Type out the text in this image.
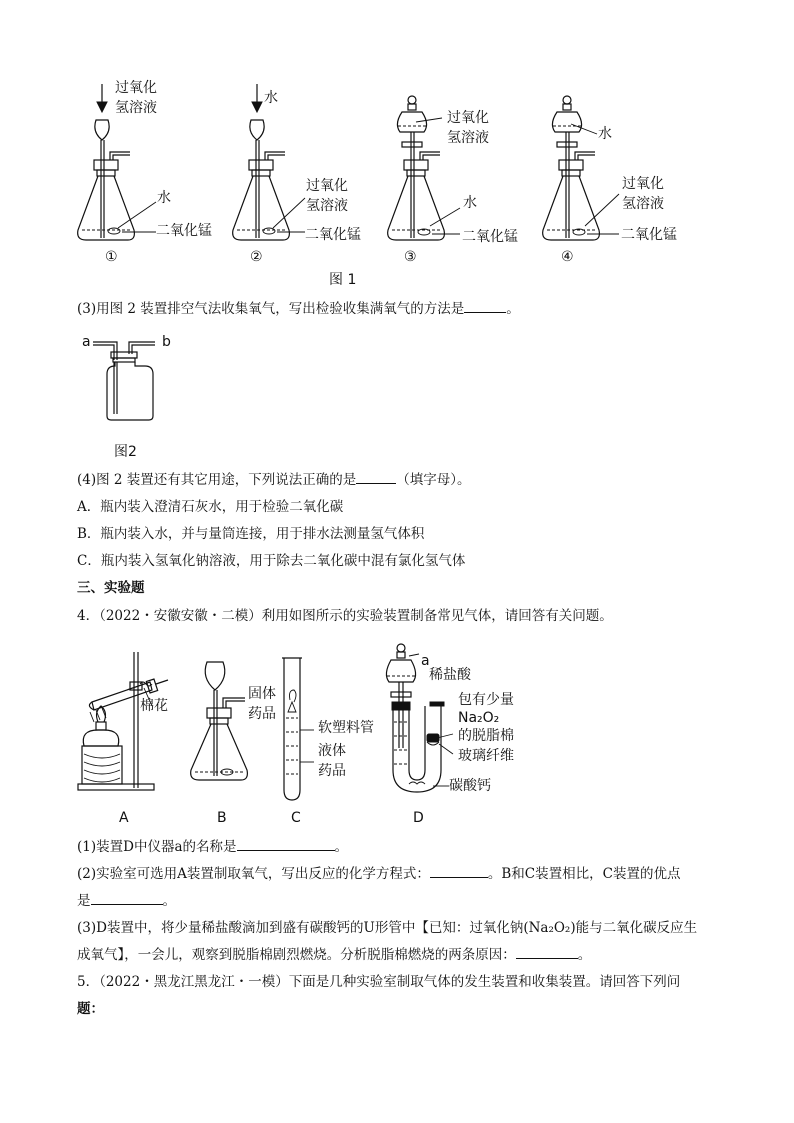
过氧化
氢溶液
水
二氧化锰
①
水
过氧化
氢溶液
二氧化锰
②
过氧化
氢溶液
水
二氧化锰
③
水
过氧化
氢溶液
二氧化锰
④
图 1
(3)用图 2 装置排空气法收集氧气，写出检验收集满氧气的方法是	。
a	b
图2
(4)图 2 装置还有其它用途，下列说法正确的是	（填字母）。
A．瓶内装入澄清石灰水，用于检验二氧化碳
B．瓶内装入水，并与量筒连接，用于排水法测量氢气体积
C．瓶内装入氢氧化钠溶液，用于除去二氧化碳中混有氯化氢气体
三、实验题
4．（2022・安徽安徽・二模）利用如图所示的实验装置制备常见气体，请回答有关问题。
棉花
A
固体
药品
B
软塑料管
液体
药品
C
a
稀盐酸
包有少量
Na₂O₂
的脱脂棉
玻璃纤维
碳酸钙
D
(1)装置D中仪器a的名称是	。
(2)实验室可选用A装置制取氧气，写出反应的化学方程式：	。B和C装置相比，C装置的优点
是	。
(3)D装置中，将少量稀盐酸滴加到盛有碳酸钙的U形管中【已知：过氧化钠(Na₂O₂)能与二氧化碳反应生
成氧气】，一会儿，观察到脱脂棉剧烈燃烧。分析脱脂棉燃烧的两条原因：	。
5．（2022・黑龙江黑龙江・一模）下面是几种实验室制取气体的发生装置和收集装置。请回答下列问
题：
